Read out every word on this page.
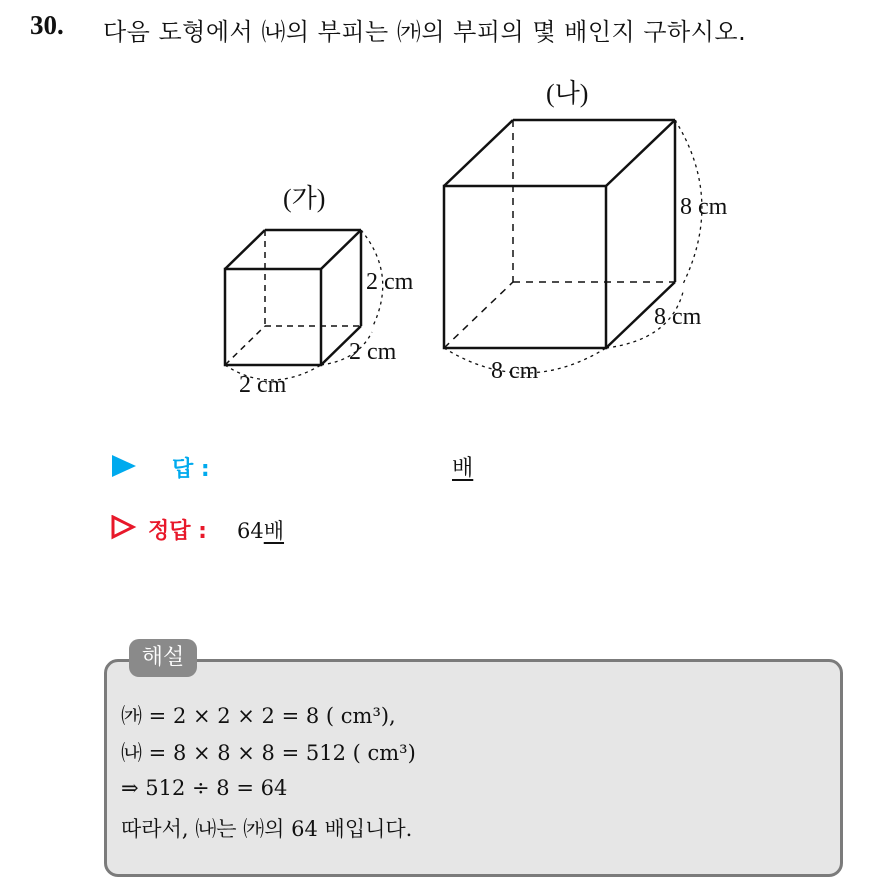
30. 다음 도형에서 ㈏의 부피는 ㈎의 부피의 몇 배인지 구하시오.
(가)
2 cm
2 cm
2 cm
(나)
8 cm
8 cm
8 cm
답 :	배
정답 : 64배
해설
㈎ = 2 × 2 × 2 = 8 ( cm³),
㈏ = 8 × 8 × 8 = 512 ( cm³)
⇒ 512 ÷ 8 = 64
따라서, ㈏는 ㈎의 64 배입니다.
